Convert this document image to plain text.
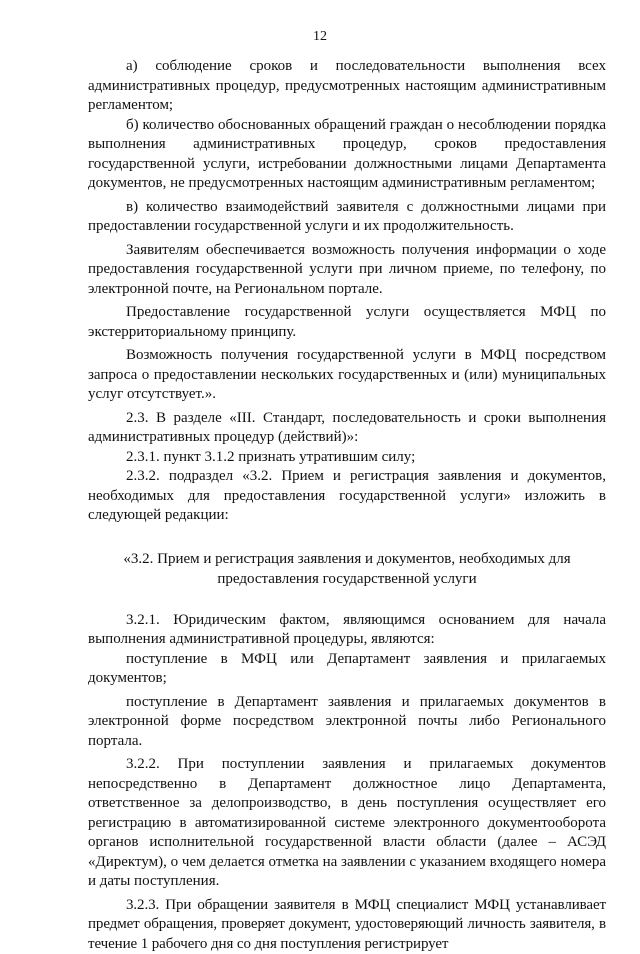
12

а) соблюдение сроков и последовательности выполнения всех административных процедур, предусмотренных настоящим административным регламентом;

б) количество обоснованных обращений граждан о несоблюдении порядка выполнения административных процедур, сроков предоставления государственной услуги, истребовании должностными лицами Департамента документов, не предусмотренных настоящим административным регламентом;

в) количество взаимодействий заявителя с должностными лицами при предоставлении государственной услуги и их продолжительность.

Заявителям обеспечивается возможность получения информации о ходе предоставления государственной услуги при личном приеме, по телефону, по электронной почте, на Региональном портале.

Предоставление государственной услуги осуществляется МФЦ по экстерриториальному принципу.

Возможность получения государственной услуги в МФЦ посредством запроса о предоставлении нескольких государственных и (или) муниципальных услуг отсутствует.».

2.3. В разделе «III. Стандарт, последовательность и сроки выполнения административных процедур (действий)»:

2.3.1. пункт 3.1.2 признать утратившим силу;

2.3.2. подраздел «3.2. Прием и регистрация заявления и документов, необходимых для предоставления государственной услуги» изложить в следующей редакции:

«3.2. Прием и регистрация заявления и документов, необходимых для предоставления государственной услуги

3.2.1. Юридическим фактом, являющимся основанием для начала выполнения административной процедуры, являются:

поступление в МФЦ или Департамент заявления и прилагаемых документов;

поступление в Департамент заявления и прилагаемых документов в электронной форме посредством электронной почты либо Регионального портала.

3.2.2. При поступлении заявления и прилагаемых документов непосредственно в Департамент должностное лицо Департамента, ответственное за делопроизводство, в день поступления осуществляет его регистрацию в автоматизированной системе электронного документооборота органов исполнительной государственной власти области (далее – АСЭД «Директум), о чем делается отметка на заявлении с указанием входящего номера и даты поступления.

3.2.3. При обращении заявителя в МФЦ специалист МФЦ устанавливает предмет обращения, проверяет документ, удостоверяющий личность заявителя, в течение 1 рабочего дня со дня поступления регистрирует
